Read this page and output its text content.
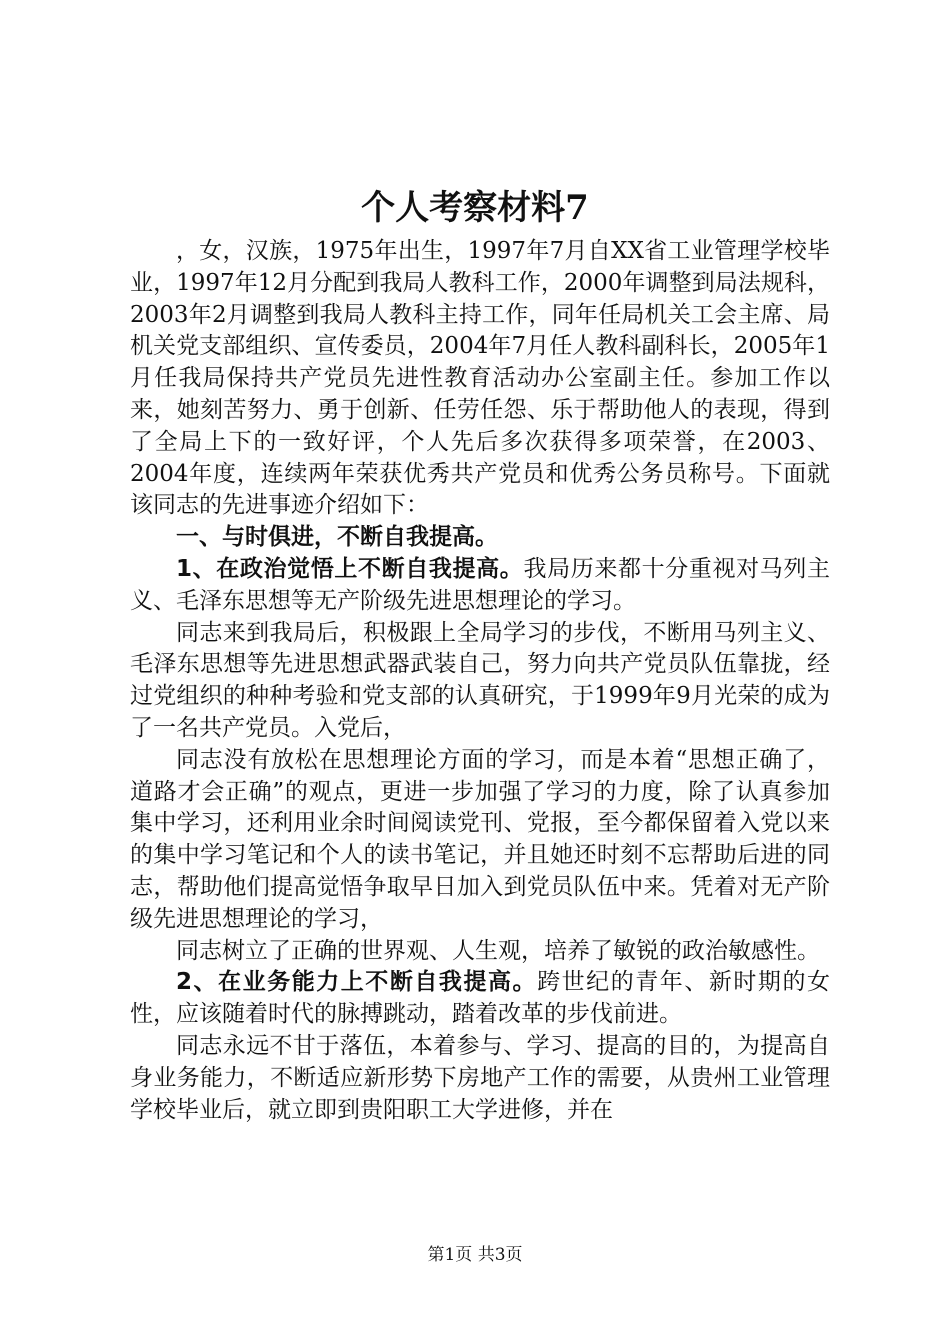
个人考察材料7

，女，汉族，1975年出生，1997年7月自XX省工业管理学校毕业，1997年12月分配到我局人教科工作，2000年调整到局法规科，2003年2月调整到我局人教科主持工作，同年任局机关工会主席、局机关党支部组织、宣传委员，2004年7月任人教科副科长，2005年1月任我局保持共产党员先进性教育活动办公室副主任。参加工作以来，她刻苦努力、勇于创新、任劳任怨、乐于帮助他人的表现，得到了全局上下的一致好评，个人先后多次获得多项荣誉，在2003、2004年度，连续两年荣获优秀共产党员和优秀公务员称号。下面就该同志的先进事迹介绍如下：

一、与时俱进，不断自我提高。

1、在政治觉悟上不断自我提高。我局历来都十分重视对马列主义、毛泽东思想等无产阶级先进思想理论的学习。

同志来到我局后，积极跟上全局学习的步伐，不断用马列主义、毛泽东思想等先进思想武器武装自己，努力向共产党员队伍靠拢，经过党组织的种种考验和党支部的认真研究，于1999年9月光荣的成为了一名共产党员。入党后，

同志没有放松在思想理论方面的学习，而是本着“思想正确了，道路才会正确”的观点，更进一步加强了学习的力度，除了认真参加集中学习，还利用业余时间阅读党刊、党报，至今都保留着入党以来的集中学习笔记和个人的读书笔记，并且她还时刻不忘帮助后进的同志，帮助他们提高觉悟争取早日加入到党员队伍中来。凭着对无产阶级先进思想理论的学习，

同志树立了正确的世界观、人生观，培养了敏锐的政治敏感性。

2、在业务能力上不断自我提高。跨世纪的青年、新时期的女性，应该随着时代的脉搏跳动，踏着改革的步伐前进。

同志永远不甘于落伍，本着参与、学习、提高的目的，为提高自身业务能力，不断适应新形势下房地产工作的需要，从贵州工业管理学校毕业后，就立即到贵阳职工大学进修，并在

第1页 共3页
